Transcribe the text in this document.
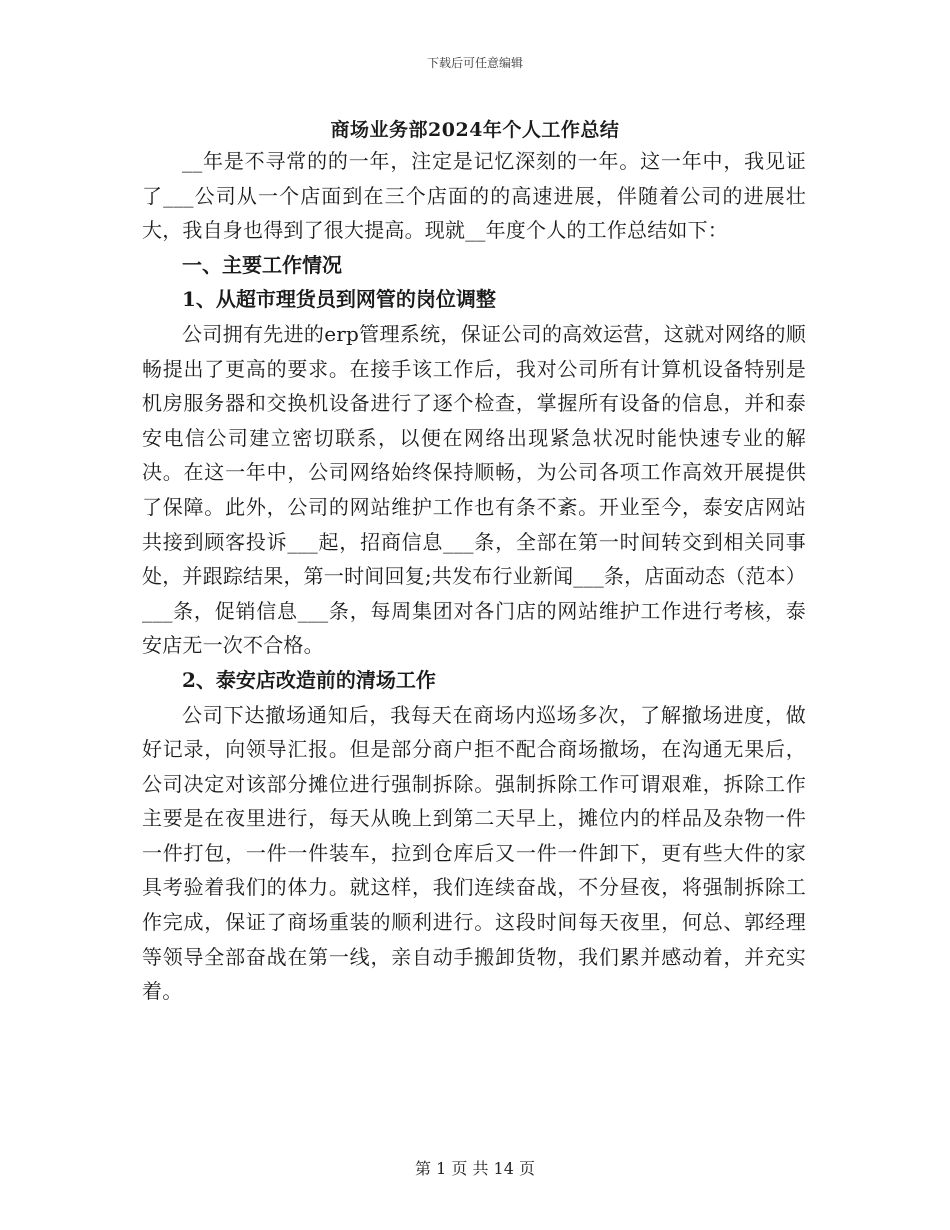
下载后可任意编辑
商场业务部2024年个人工作总结

__年是不寻常的的一年，注定是记忆深刻的一年。这一年中，我见证了___公司从一个店面到在三个店面的的高速进展，伴随着公司的进展壮大，我自身也得到了很大提高。现就__年度个人的工作总结如下：

一、主要工作情况
1、从超市理货员到网管的岗位调整

公司拥有先进的erp管理系统，保证公司的高效运营，这就对网络的顺畅提出了更高的要求。在接手该工作后，我对公司所有计算机设备特别是机房服务器和交换机设备进行了逐个检查，掌握所有设备的信息，并和泰安电信公司建立密切联系，以便在网络出现紧急状况时能快速专业的解决。在这一年中，公司网络始终保持顺畅，为公司各项工作高效开展提供了保障。此外，公司的网站维护工作也有条不紊。开业至今，泰安店网站共接到顾客投诉___起，招商信息___条，全部在第一时间转交到相关同事处，并跟踪结果，第一时间回复;共发布行业新闻___条，店面动态（范本）___条，促销信息___条，每周集团对各门店的网站维护工作进行考核，泰安店无一次不合格。

2、泰安店改造前的清场工作

公司下达撤场通知后，我每天在商场内巡场多次，了解撤场进度，做好记录，向领导汇报。但是部分商户拒不配合商场撤场，在沟通无果后，公司决定对该部分摊位进行强制拆除。强制拆除工作可谓艰难，拆除工作主要是在夜里进行，每天从晚上到第二天早上，摊位内的样品及杂物一件一件打包，一件一件装车，拉到仓库后又一件一件卸下，更有些大件的家具考验着我们的体力。就这样，我们连续奋战，不分昼夜，将强制拆除工作完成，保证了商场重装的顺利进行。这段时间每天夜里，何总、郭经理等领导全部奋战在第一线，亲自动手搬卸货物，我们累并感动着，并充实着。

第 1 页 共 14 页
